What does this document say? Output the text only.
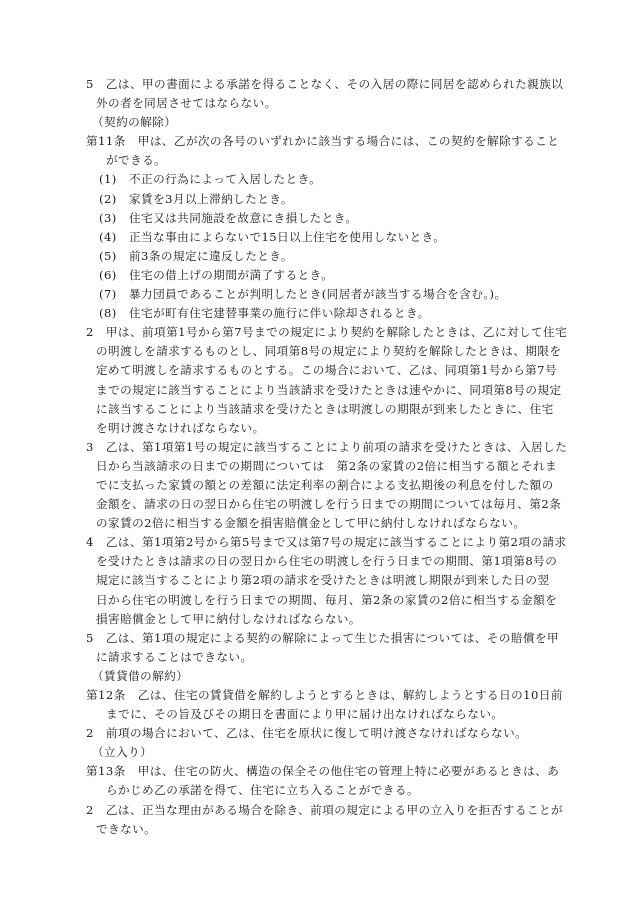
5　乙は、甲の書面による承諾を得ることなく、その入居の際に同居を認められた親族以
外の者を同居させてはならない。
（契約の解除）
第11条　甲は、乙が次の各号のいずれかに該当する場合には、この契約を解除すること
ができる。
(1)	不正の行為によって入居したとき。
(2)	家賃を3月以上滞納したとき。
(3)	住宅又は共同施設を故意にき損したとき。
(4)	正当な事由によらないで15日以上住宅を使用しないとき。
(5)	前3条の規定に違反したとき。
(6)	住宅の借上げの期間が満了するとき。
(7)	暴力団員であることが判明したとき(同居者が該当する場合を含む。)。
(8)	住宅が町有住宅建替事業の施行に伴い除却されるとき。
2　甲は、前項第1号から第7号までの規定により契約を解除したときは、乙に対して住宅
の明渡しを請求するものとし、同項第8号の規定により契約を解除したときは、期限を
定めて明渡しを請求するものとする。この場合において、乙は、同項第1号から第7号
までの規定に該当することにより当該請求を受けたときは速やかに、同項第8号の規定
に該当することにより当該請求を受けたときは明渡しの期限が到来したときに、住宅
を明け渡さなければならない。
3　乙は、第1項第1号の規定に該当することにより前項の請求を受けたときは、入居した
日から当該請求の日までの期間については　第2条の家賃の2倍に相当する額とそれま
でに支払った家賃の額との差額に法定利率の割合による支払期後の利息を付した額の
金額を、請求の日の翌日から住宅の明渡しを行う日までの期間については毎月、第2条
の家賃の2倍に相当する金額を損害賠償金として甲に納付しなければならない。
4　乙は、第1項第2号から第5号まで又は第7号の規定に該当することにより第2項の請求
を受けたときは請求の日の翌日から住宅の明渡しを行う日までの期間、第1項第8号の
規定に該当することにより第2項の請求を受けたときは明渡し期限が到来した日の翌
日から住宅の明渡しを行う日までの期間、毎月、第2条の家賃の2倍に相当する金額を
損害賠償金として甲に納付しなければならない。
5　乙は、第1項の規定による契約の解除によって生じた損害については、その賠償を甲
に請求することはできない。
（賃貸借の解約）
第12条　乙は、住宅の賃貸借を解約しようとするときは、解約しようとする日の10日前
までに、その旨及びその期日を書面により甲に届け出なければならない。
2　前項の場合において、乙は、住宅を原状に復して明け渡さなければならない。
（立入り）
第13条　甲は、住宅の防火、構造の保全その他住宅の管理上特に必要があるときは、あ
らかじめ乙の承諾を得て、住宅に立ち入ることができる。
2　乙は、正当な理由がある場合を除き、前項の規定による甲の立入りを拒否することが
できない。
